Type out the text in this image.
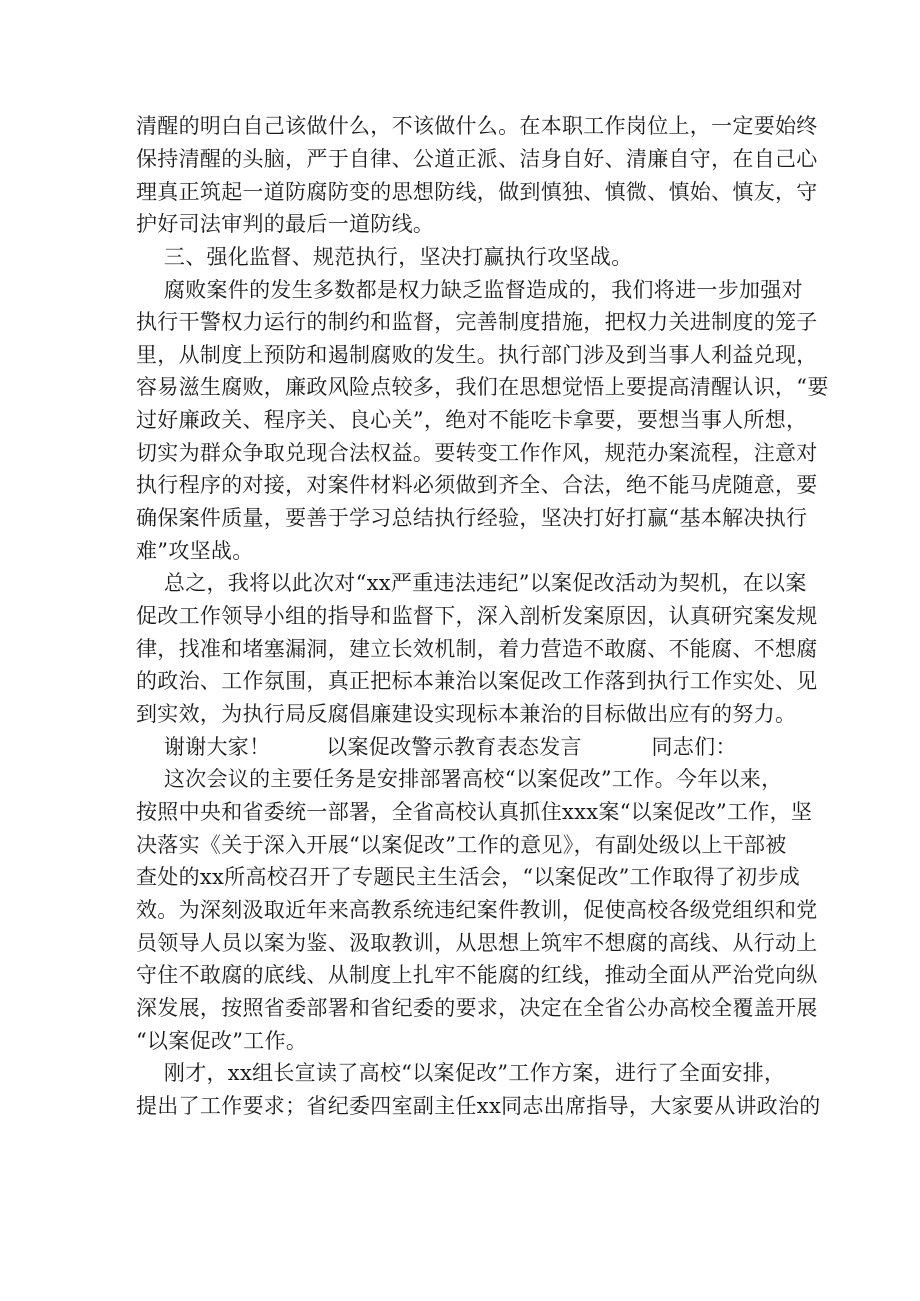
清醒的明白自己该做什么，不该做什么。在本职工作岗位上，一定要始终
保持清醒的头脑，严于自律、公道正派、洁身自好、清廉自守，在自己心
理真正筑起一道防腐防变的思想防线，做到慎独、慎微、慎始、慎友，守
护好司法审判的最后一道防线。
三、强化监督、规范执行，坚决打赢执行攻坚战。
腐败案件的发生多数都是权力缺乏监督造成的，我们将进一步加强对
执行干警权力运行的制约和监督，完善制度措施，把权力关进制度的笼子
里，从制度上预防和遏制腐败的发生。执行部门涉及到当事人利益兑现，
容易滋生腐败，廉政风险点较多，我们在思想觉悟上要提高清醒认识，“要
过好廉政关、程序关、良心关”，绝对不能吃卡拿要，要想当事人所想，
切实为群众争取兑现合法权益。要转变工作作风，规范办案流程，注意对
执行程序的对接，对案件材料必须做到齐全、合法，绝不能马虎随意，要
确保案件质量，要善于学习总结执行经验，坚决打好打赢“基本解决执行
难”攻坚战。
总之，我将以此次对“xx严重违法违纪”以案促改活动为契机，在以案
促改工作领导小组的指导和监督下，深入剖析发案原因，认真研究案发规
律，找准和堵塞漏洞，建立长效机制，着力营造不敢腐、不能腐、不想腐
的政治、工作氛围，真正把标本兼治以案促改工作落到执行工作实处、见
到实效，为执行局反腐倡廉建设实现标本兼治的目标做出应有的努力。
谢谢大家！        以案促改警示教育表态发言          同志们：
这次会议的主要任务是安排部署高校“以案促改”工作。今年以来，
按照中央和省委统一部署，全省高校认真抓住xxx案“以案促改”工作，坚
决落实《关于深入开展“以案促改”工作的意见》，有副处级以上干部被
查处的xx所高校召开了专题民主生活会，“以案促改”工作取得了初步成
效。为深刻汲取近年来高教系统违纪案件教训，促使高校各级党组织和党
员领导人员以案为鉴、汲取教训，从思想上筑牢不想腐的高线、从行动上
守住不敢腐的底线、从制度上扎牢不能腐的红线，推动全面从严治党向纵
深发展，按照省委部署和省纪委的要求，决定在全省公办高校全覆盖开展
“以案促改”工作。
刚才，xx组长宣读了高校“以案促改”工作方案，进行了全面安排，
提出了工作要求；省纪委四室副主任xx同志出席指导，大家要从讲政治的
